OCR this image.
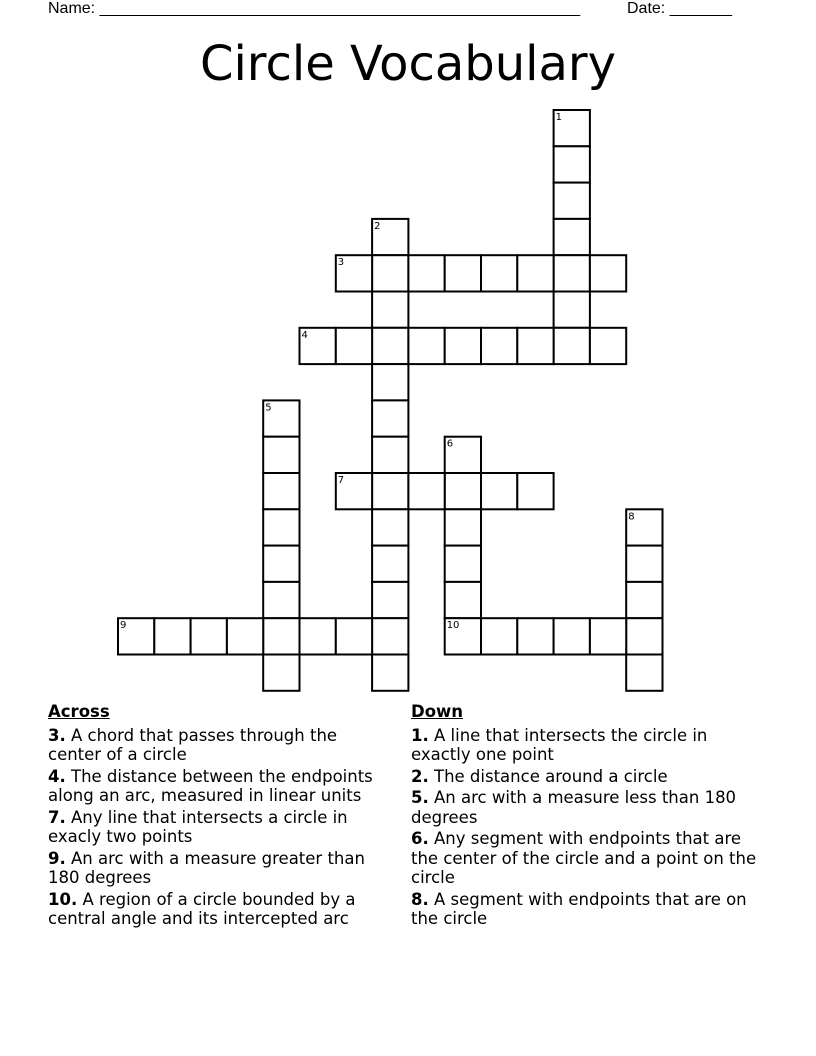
Name: ______________________________________________________	Date: _______
Circle Vocabulary
1
2
3
4
5
6
7
8
9	10
Across
3. A chord that passes through the center of a circle
4. The distance between the endpoints along an arc, measured in linear units
7. Any line that intersects a circle in exacly two points
9. An arc with a measure greater than 180 degrees
10. A region of a circle bounded by a central angle and its intercepted arc
Down
1. A line that intersects the circle in exactly one point
2. The distance around a circle
5. An arc with a measure less than 180 degrees
6. Any segment with endpoints that are the center of the circle and a point on the circle
8. A segment with endpoints that are on the circle
